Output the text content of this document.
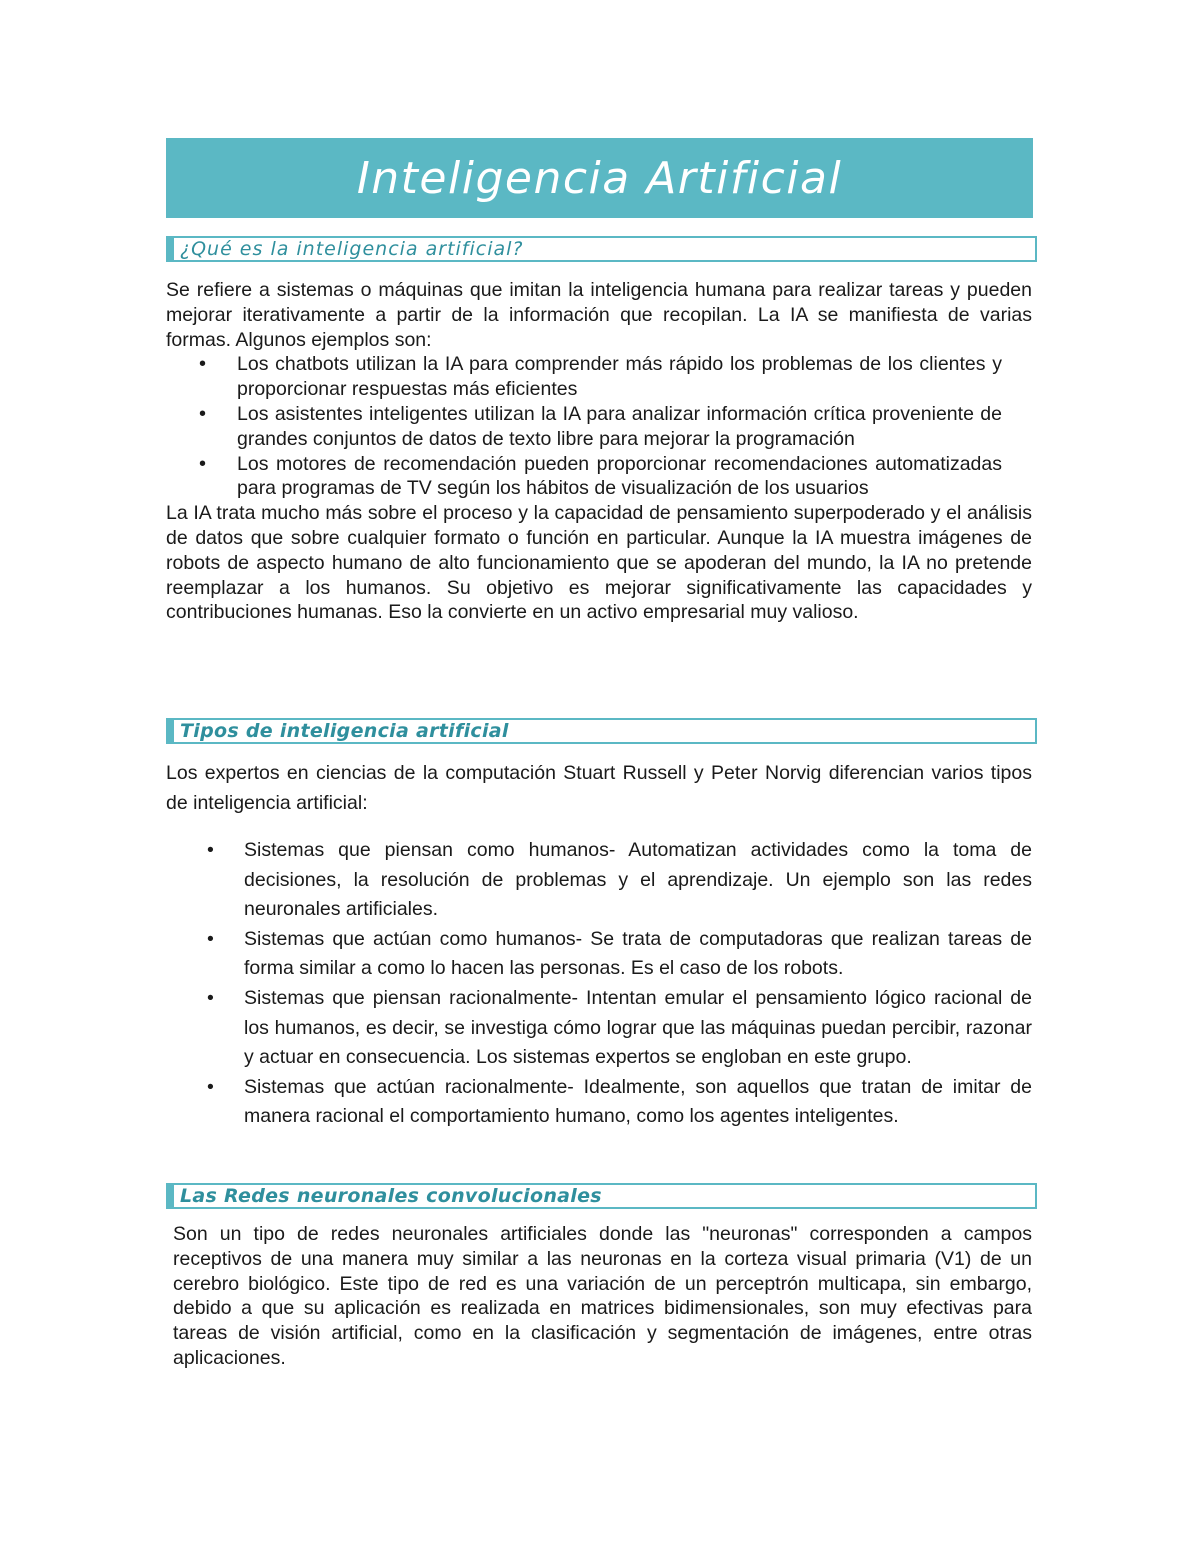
Inteligencia Artificial
¿Qué es la inteligencia artificial?

Se refiere a sistemas o máquinas que imitan la inteligencia humana para realizar tareas y pueden mejorar iterativamente a partir de la información que recopilan. La IA se manifiesta de varias formas. Algunos ejemplos son:

• Los chatbots utilizan la IA para comprender más rápido los problemas de los clientes y proporcionar respuestas más eficientes
• Los asistentes inteligentes utilizan la IA para analizar información crítica proveniente de grandes conjuntos de datos de texto libre para mejorar la programación
• Los motores de recomendación pueden proporcionar recomendaciones automatizadas para programas de TV según los hábitos de visualización de los usuarios

La IA trata mucho más sobre el proceso y la capacidad de pensamiento superpoderado y el análisis de datos que sobre cualquier formato o función en particular. Aunque la IA muestra imágenes de robots de aspecto humano de alto funcionamiento que se apoderan del mundo, la IA no pretende reemplazar a los humanos. Su objetivo es mejorar significativamente las capacidades y contribuciones humanas. Eso la convierte en un activo empresarial muy valioso.

Tipos de inteligencia artificial

Los expertos en ciencias de la computación Stuart Russell y Peter Norvig diferencian varios tipos de inteligencia artificial:

• Sistemas que piensan como humanos- Automatizan actividades como la toma de decisiones, la resolución de problemas y el aprendizaje. Un ejemplo son las redes neuronales artificiales.
• Sistemas que actúan como humanos- Se trata de computadoras que realizan tareas de forma similar a como lo hacen las personas. Es el caso de los robots.
• Sistemas que piensan racionalmente- Intentan emular el pensamiento lógico racional de los humanos, es decir, se investiga cómo lograr que las máquinas puedan percibir, razonar y actuar en consecuencia. Los sistemas expertos se engloban en este grupo.
• Sistemas que actúan racionalmente- Idealmente, son aquellos que tratan de imitar de manera racional el comportamiento humano, como los agentes inteligentes.
Las Redes neuronales convolucionales

Son un tipo de redes neuronales artificiales donde las "neuronas" corresponden a campos receptivos de una manera muy similar a las neuronas en la corteza visual primaria (V1) de un cerebro biológico. Este tipo de red es una variación de un perceptrón multicapa, sin embargo, debido a que su aplicación es realizada en matrices bidimensionales, son muy efectivas para tareas de visión artificial, como en la clasificación y segmentación de imágenes, entre otras aplicaciones.
